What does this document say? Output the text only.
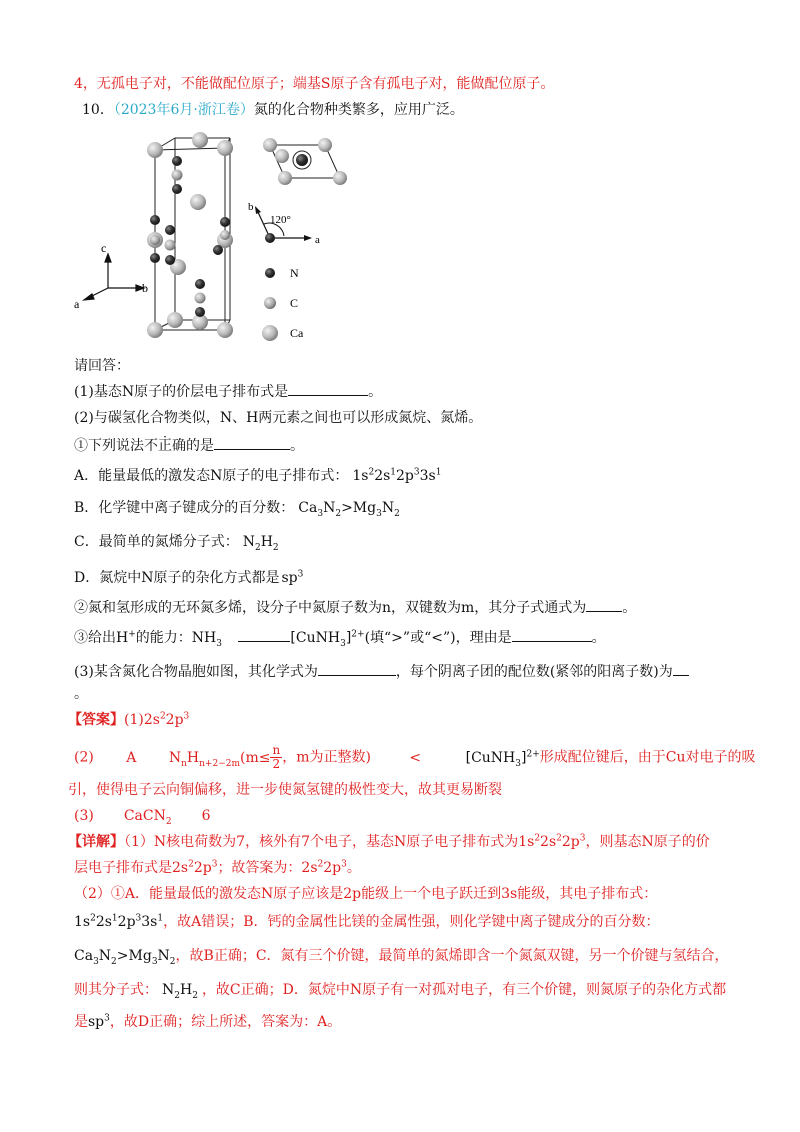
4，无孤电子对，不能做配位原子；端基S原子含有孤电子对，能做配位原子。
10．（2023年6月·浙江卷）氮的化合物种类繁多，应用广泛。
c
b
a
b
a
120°
N
C
Ca
请回答：
(1)基态N原子的价层电子排布式是	。
(2)与碳氢化合物类似，N、H两元素之间也可以形成氮烷、氮烯。
①下列说法不正确的是	。
A．能量最低的激发态N原子的电子排布式： $1s^22s^12p^33s^1$
B．化学键中离子键成分的百分数： $Ca_3N_2>Mg_3N_2$
C．最简单的氮烯分子式： $N_2H_2$
D．氮烷中N原子的杂化方式都是 $sp^3$
②氮和氢形成的无环氮多烯，设分子中氮原子数为n，双键数为m，其分子式通式为	。
③给出H+的能力：$NH_3$	[CuNH$_3$]$^{2+}$(填“>”或“<”)，理由是	。
(3)某含氮化合物晶胞如图，其化学式为	，每个阴离子团的配位数(紧邻的阳离子数)为
。
【答案】$(1)2s^22p^3$
(2) A $N_nH_{n+2-2m}(m\le \frac{n}{2}$ ，m为正整数)	<	[CuNH$_3$]$^{2+}$形成配位键后，由于Cu对电子的吸
引，使得电子云向铜偏移，进一步使氮氢键的极性变大，故其更易断裂
(3) CaCN$_2$ 6
【详解】（1）N核电荷数为7，核外有7个电子，基态N原子电子排布式为$1s^22s^22p^3$，则基态N原子的价
层电子排布式是$2s^22p^3$；故答案为：$2s^22p^3$。
（2）①A．能量最低的激发态N原子应该是2p能级上一个电子跃迁到3s能级，其电子排布式：
$1s^22s^12p^33s^1$，故A错误；B．钙的金属性比镁的金属性强，则化学键中离子键成分的百分数：
$Ca_3N_2>Mg_3N_2$，故B正确；C．氮有三个价键，最简单的氮烯即含一个氮氮双键，另一个价键与氢结合，
则其分子式： $N_2H_2$ ，故C正确；D．氮烷中N原子有一对孤对电子，有三个价键，则氮原子的杂化方式都
是$sp^3$，故D正确；综上所述，答案为：A。
